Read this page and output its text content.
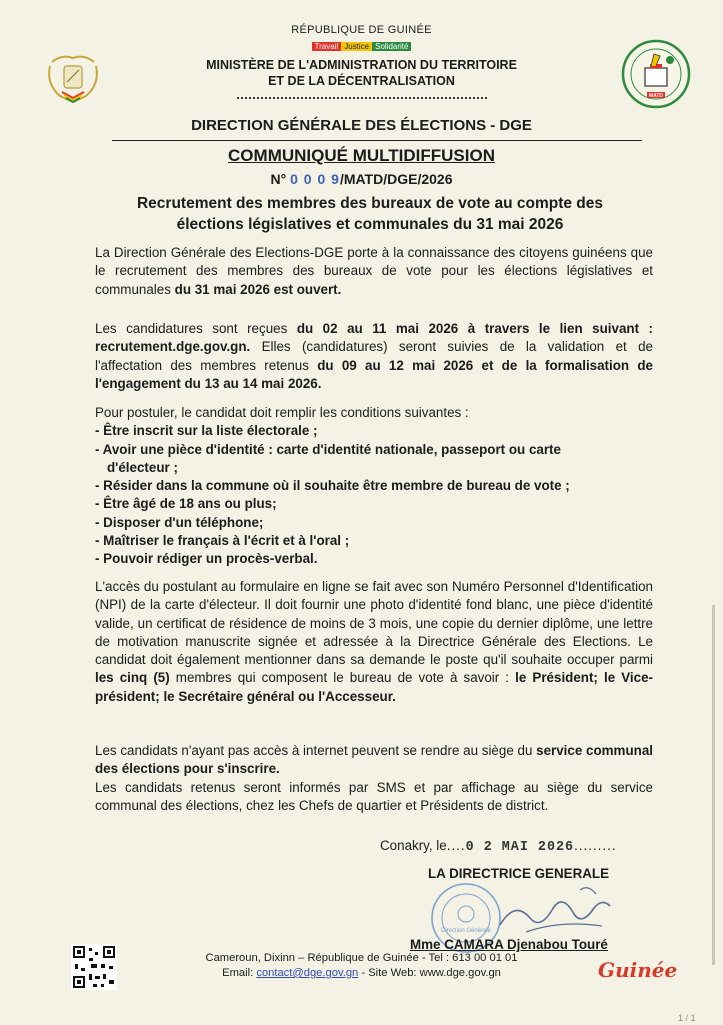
MATD
RÉPUBLIQUE DE GUINÉE
Travail Justice Solidarité
MINISTÈRE DE L'ADMINISTRATION DU TERRITOIRE
ET DE LA DÉCENTRALISATION
DIRECTION GÉNÉRALE DES ÉLECTIONS - DGE
COMMUNIQUÉ MULTIDIFFUSION
N° 0 0 0 9/MATD/DGE/2026
Recrutement des membres des bureaux de vote au compte des
élections législatives et communales du 31 mai 2026
La Direction Générale des Elections-DGE porte à la connaissance des citoyens guinéens que le recrutement des membres des bureaux de vote pour les élections législatives et communales du 31 mai 2026 est ouvert.
Les candidatures sont reçues du 02 au 11 mai 2026 à travers le lien suivant : recrutement.dge.gov.gn. Elles (candidatures) seront suivies de la validation et de l'affectation des membres retenus du 09 au 12 mai 2026 et de la formalisation de l'engagement du 13 au 14 mai 2026.
Pour postuler, le candidat doit remplir les conditions suivantes :
- Être inscrit sur la liste électorale ;
- Avoir une pièce d'identité : carte d'identité nationale, passeport ou carte
d'électeur ;
- Résider dans la commune où il souhaite être membre de bureau de vote ;
- Être âgé de 18 ans ou plus;
- Disposer d'un téléphone;
- Maîtriser le français à l'écrit et à l'oral ;
- Pouvoir rédiger un procès-verbal.
L'accès du postulant au formulaire en ligne se fait avec son Numéro Personnel d'Identification (NPI) de la carte d'électeur. Il doit fournir une photo d'identité fond blanc, une pièce d'identité valide, un certificat de résidence de moins de 3 mois, une copie du dernier diplôme, une lettre de motivation manuscrite signée et adressée à la Directrice Générale des Elections. Le candidat doit également mentionner dans sa demande le poste qu'il souhaite occuper parmi les cinq (5) membres qui composent le bureau de vote à savoir : le Président; le Vice-président; le Secrétaire général ou l'Accesseur.
Les candidats n'ayant pas accès à internet peuvent se rendre au siège du service communal des élections pour s'inscrire.
Les candidats retenus seront informés par SMS et par affichage au siège du service communal des élections, chez les Chefs de quartier et Présidents de district.
Conakry, le....0 2 MAI 2026.........
LA DIRECTRICE GENERALE
Direction Générale
Mme CAMARA Djenabou Touré
Cameroun, Dixinn – République de Guinée - Tel : 613 00 01 01
Email: contact@dge.gov.gn - Site Web: www.dge.gov.gn	Guinée
1 / 1
